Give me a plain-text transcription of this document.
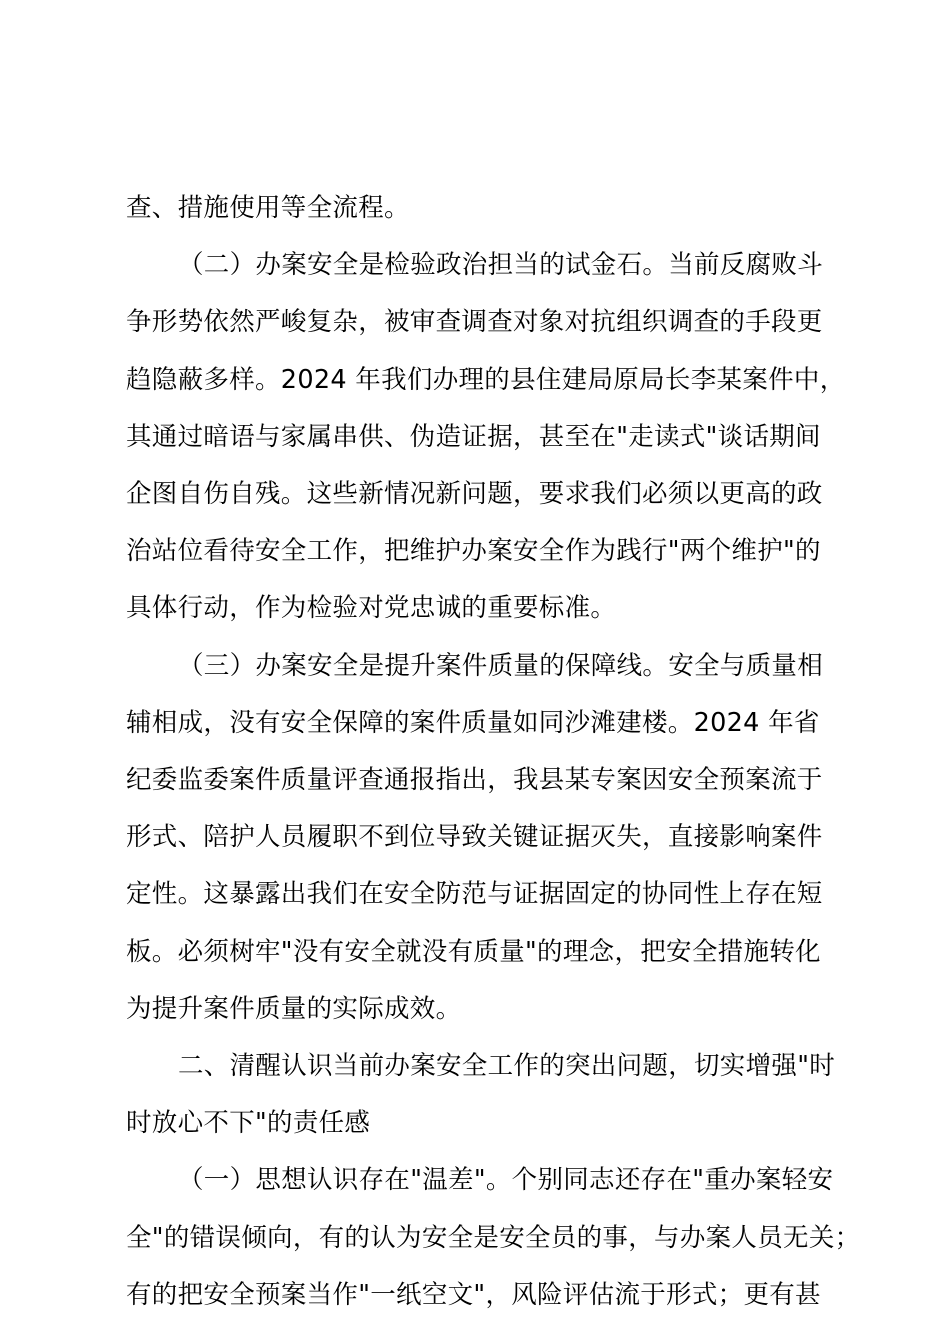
查、措施使用等全流程。

（二）办案安全是检验政治担当的试金石。当前反腐败斗

争形势依然严峻复杂，被审查调查对象对抗组织调查的手段更

趋隐蔽多样。2024 年我们办理的县住建局原局长李某案件中，

其通过暗语与家属串供、伪造证据，甚至在"走读式"谈话期间

企图自伤自残。这些新情况新问题，要求我们必须以更高的政

治站位看待安全工作，把维护办案安全作为践行"两个维护"的

具体行动，作为检验对党忠诚的重要标准。

（三）办案安全是提升案件质量的保障线。安全与质量相

辅相成，没有安全保障的案件质量如同沙滩建楼。2024 年省

纪委监委案件质量评查通报指出，我县某专案因安全预案流于

形式、陪护人员履职不到位导致关键证据灭失，直接影响案件

定性。这暴露出我们在安全防范与证据固定的协同性上存在短

板。必须树牢"没有安全就没有质量"的理念，把安全措施转化

为提升案件质量的实际成效。

二、清醒认识当前办案安全工作的突出问题，切实增强"时

时放心不下"的责任感

（一）思想认识存在"温差"。个别同志还存在"重办案轻安

全"的错误倾向，有的认为安全是安全员的事，与办案人员无关；

有的把安全预案当作"一纸空文"，风险评估流于形式；更有甚
